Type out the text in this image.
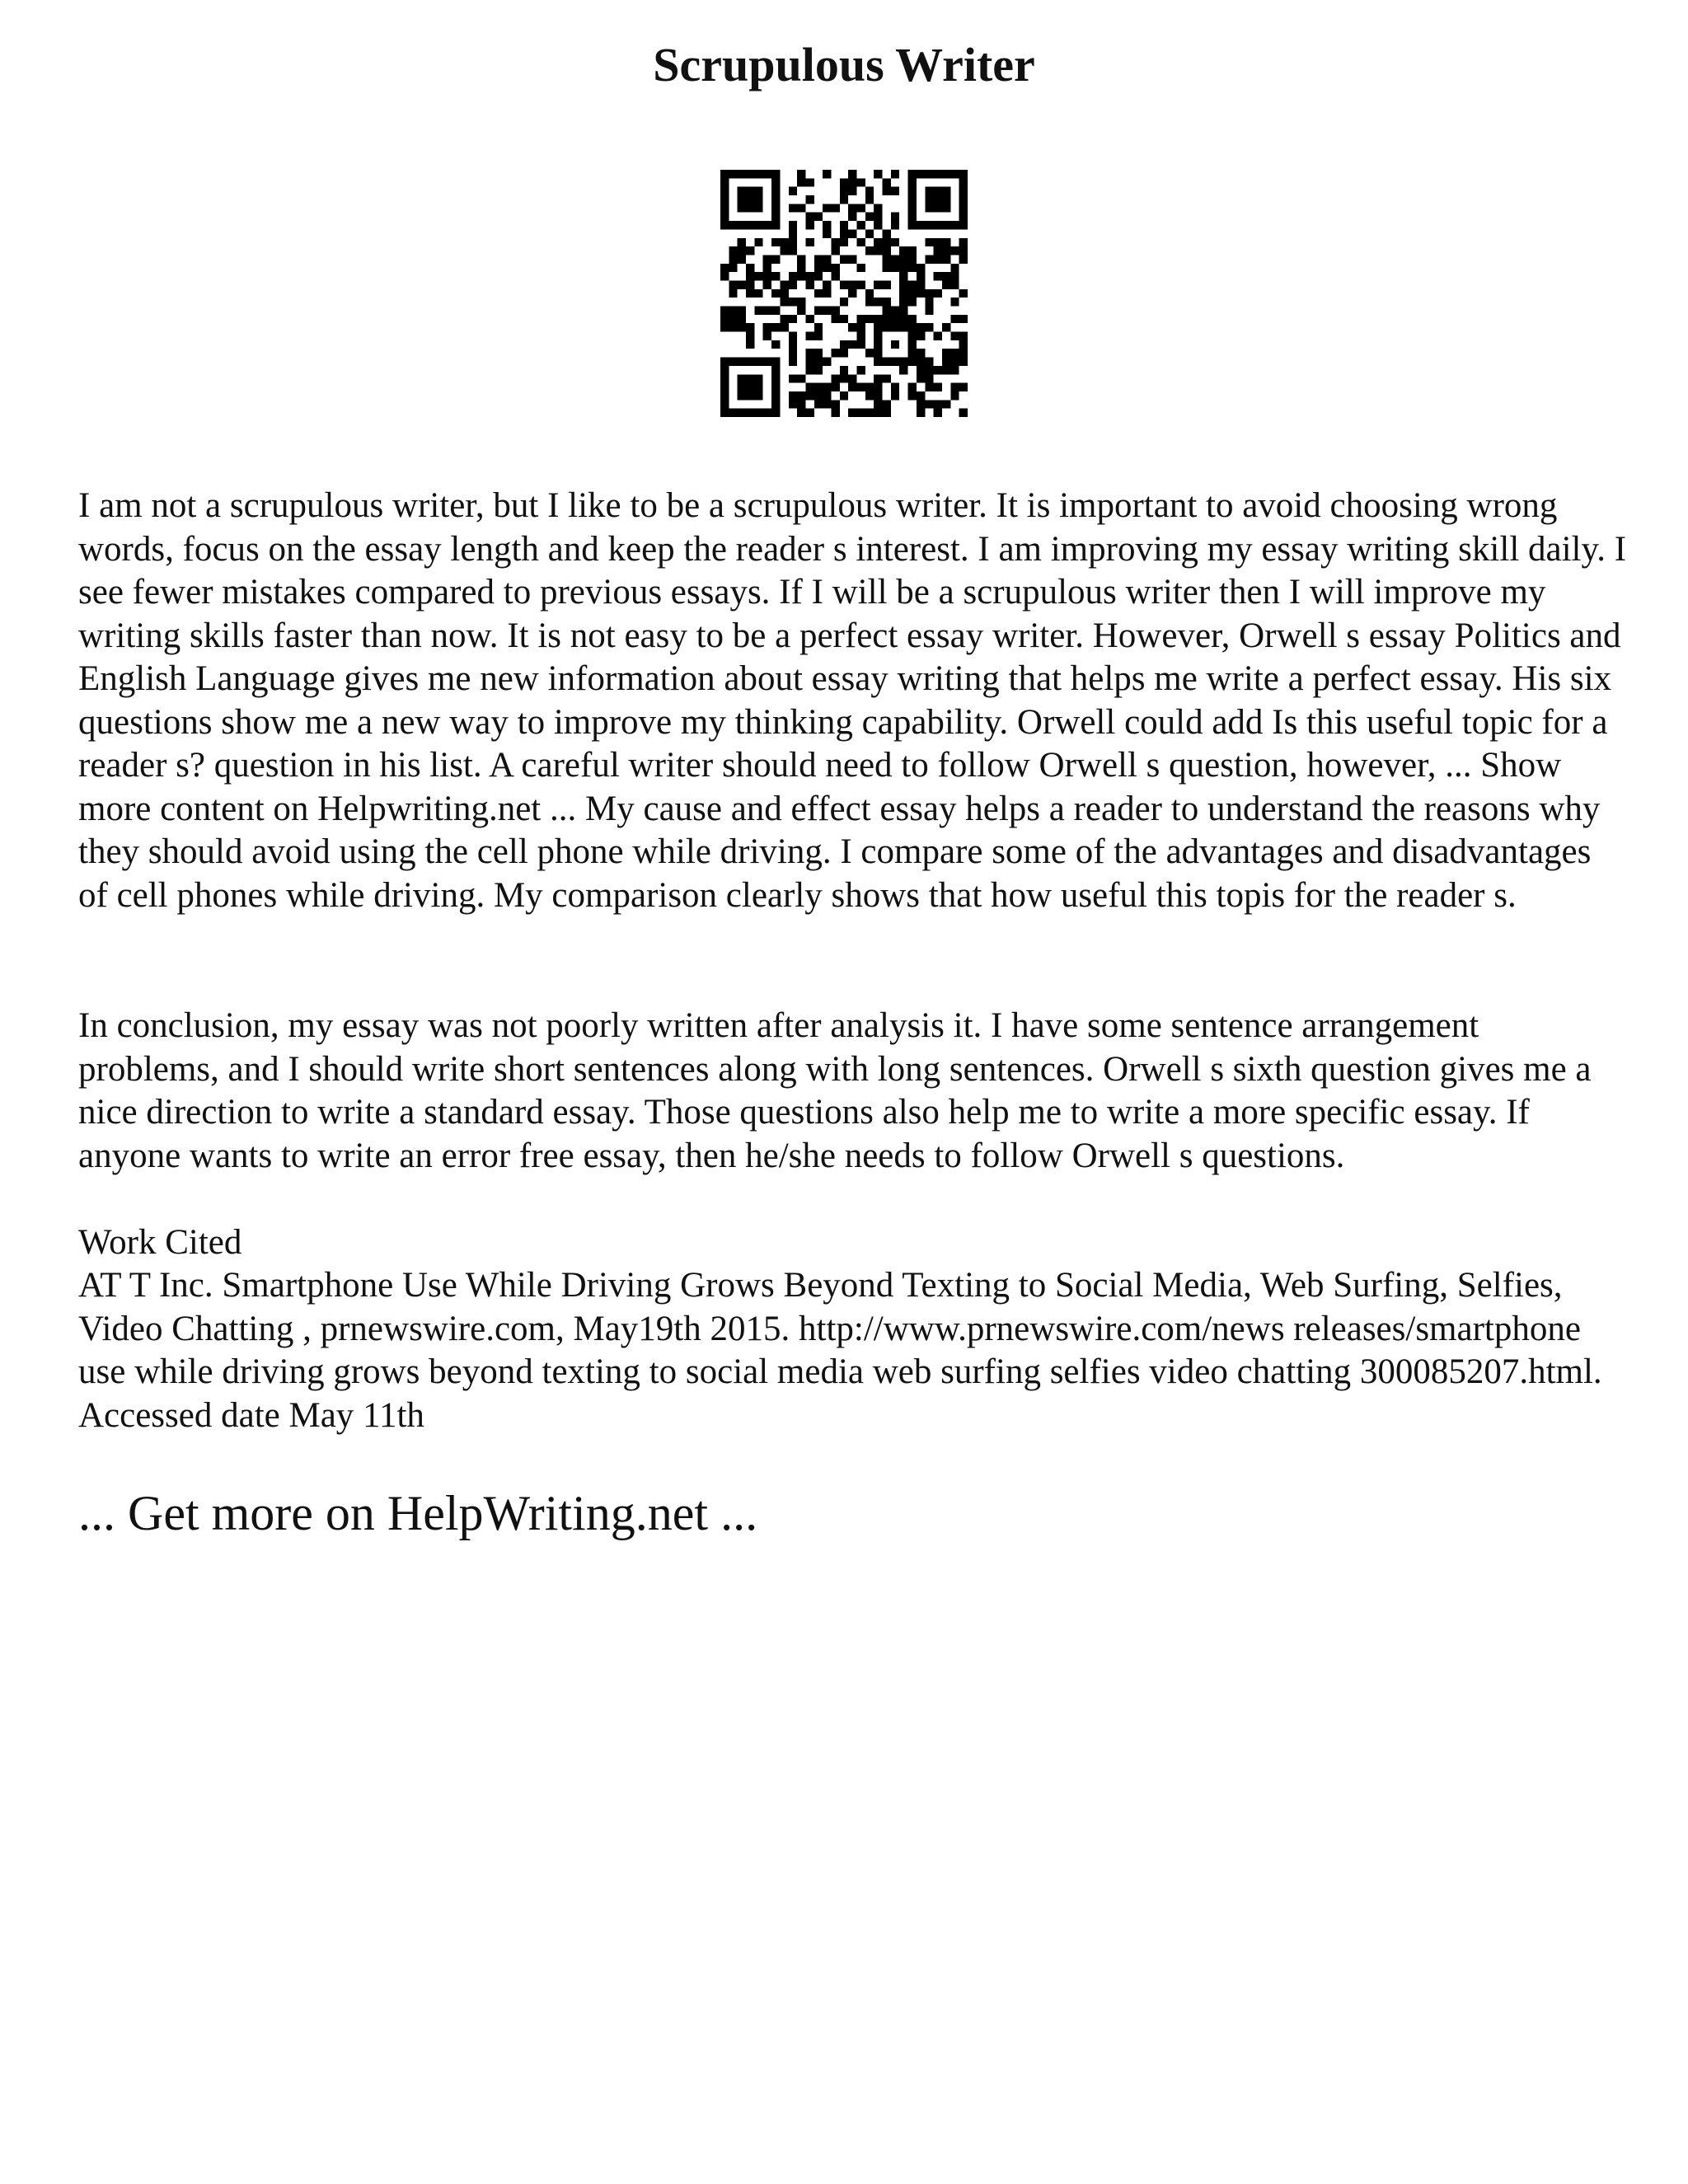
Scrupulous Writer

I am not a scrupulous writer, but I like to be a scrupulous writer. It is important to avoid choosing wrong words, focus on the essay length and keep the reader s interest. I am improving my essay writing skill daily. I see fewer mistakes compared to previous essays. If I will be a scrupulous writer then I will improve my writing skills faster than now. It is not easy to be a perfect essay writer. However, Orwell s essay Politics and English Language gives me new information about essay writing that helps me write a perfect essay. His six questions show me a new way to improve my thinking capability. Orwell could add Is this useful topic for a reader s? question in his list. A careful writer should need to follow Orwell s question, however, ... Show more content on Helpwriting.net ... My cause and effect essay helps a reader to understand the reasons why they should avoid using the cell phone while driving. I compare some of the advantages and disadvantages of cell phones while driving. My comparison clearly shows that how useful this topis for the reader s.

In conclusion, my essay was not poorly written after analysis it. I have some sentence arrangement problems, and I should write short sentences along with long sentences. Orwell s sixth question gives me a nice direction to write a standard essay. Those questions also help me to write a more specific essay. If anyone wants to write an error free essay, then he/she needs to follow Orwell s questions.

Work Cited

AT T Inc. Smartphone Use While Driving Grows Beyond Texting to Social Media, Web Surfing, Selfies, Video Chatting , prnewswire.com, May19th 2015. http://www.prnewswire.com/news releases/smartphone use while driving grows beyond texting to social media web surfing selfies video chatting 300085207.html. Accessed date May 11th

... Get more on HelpWriting.net ...
